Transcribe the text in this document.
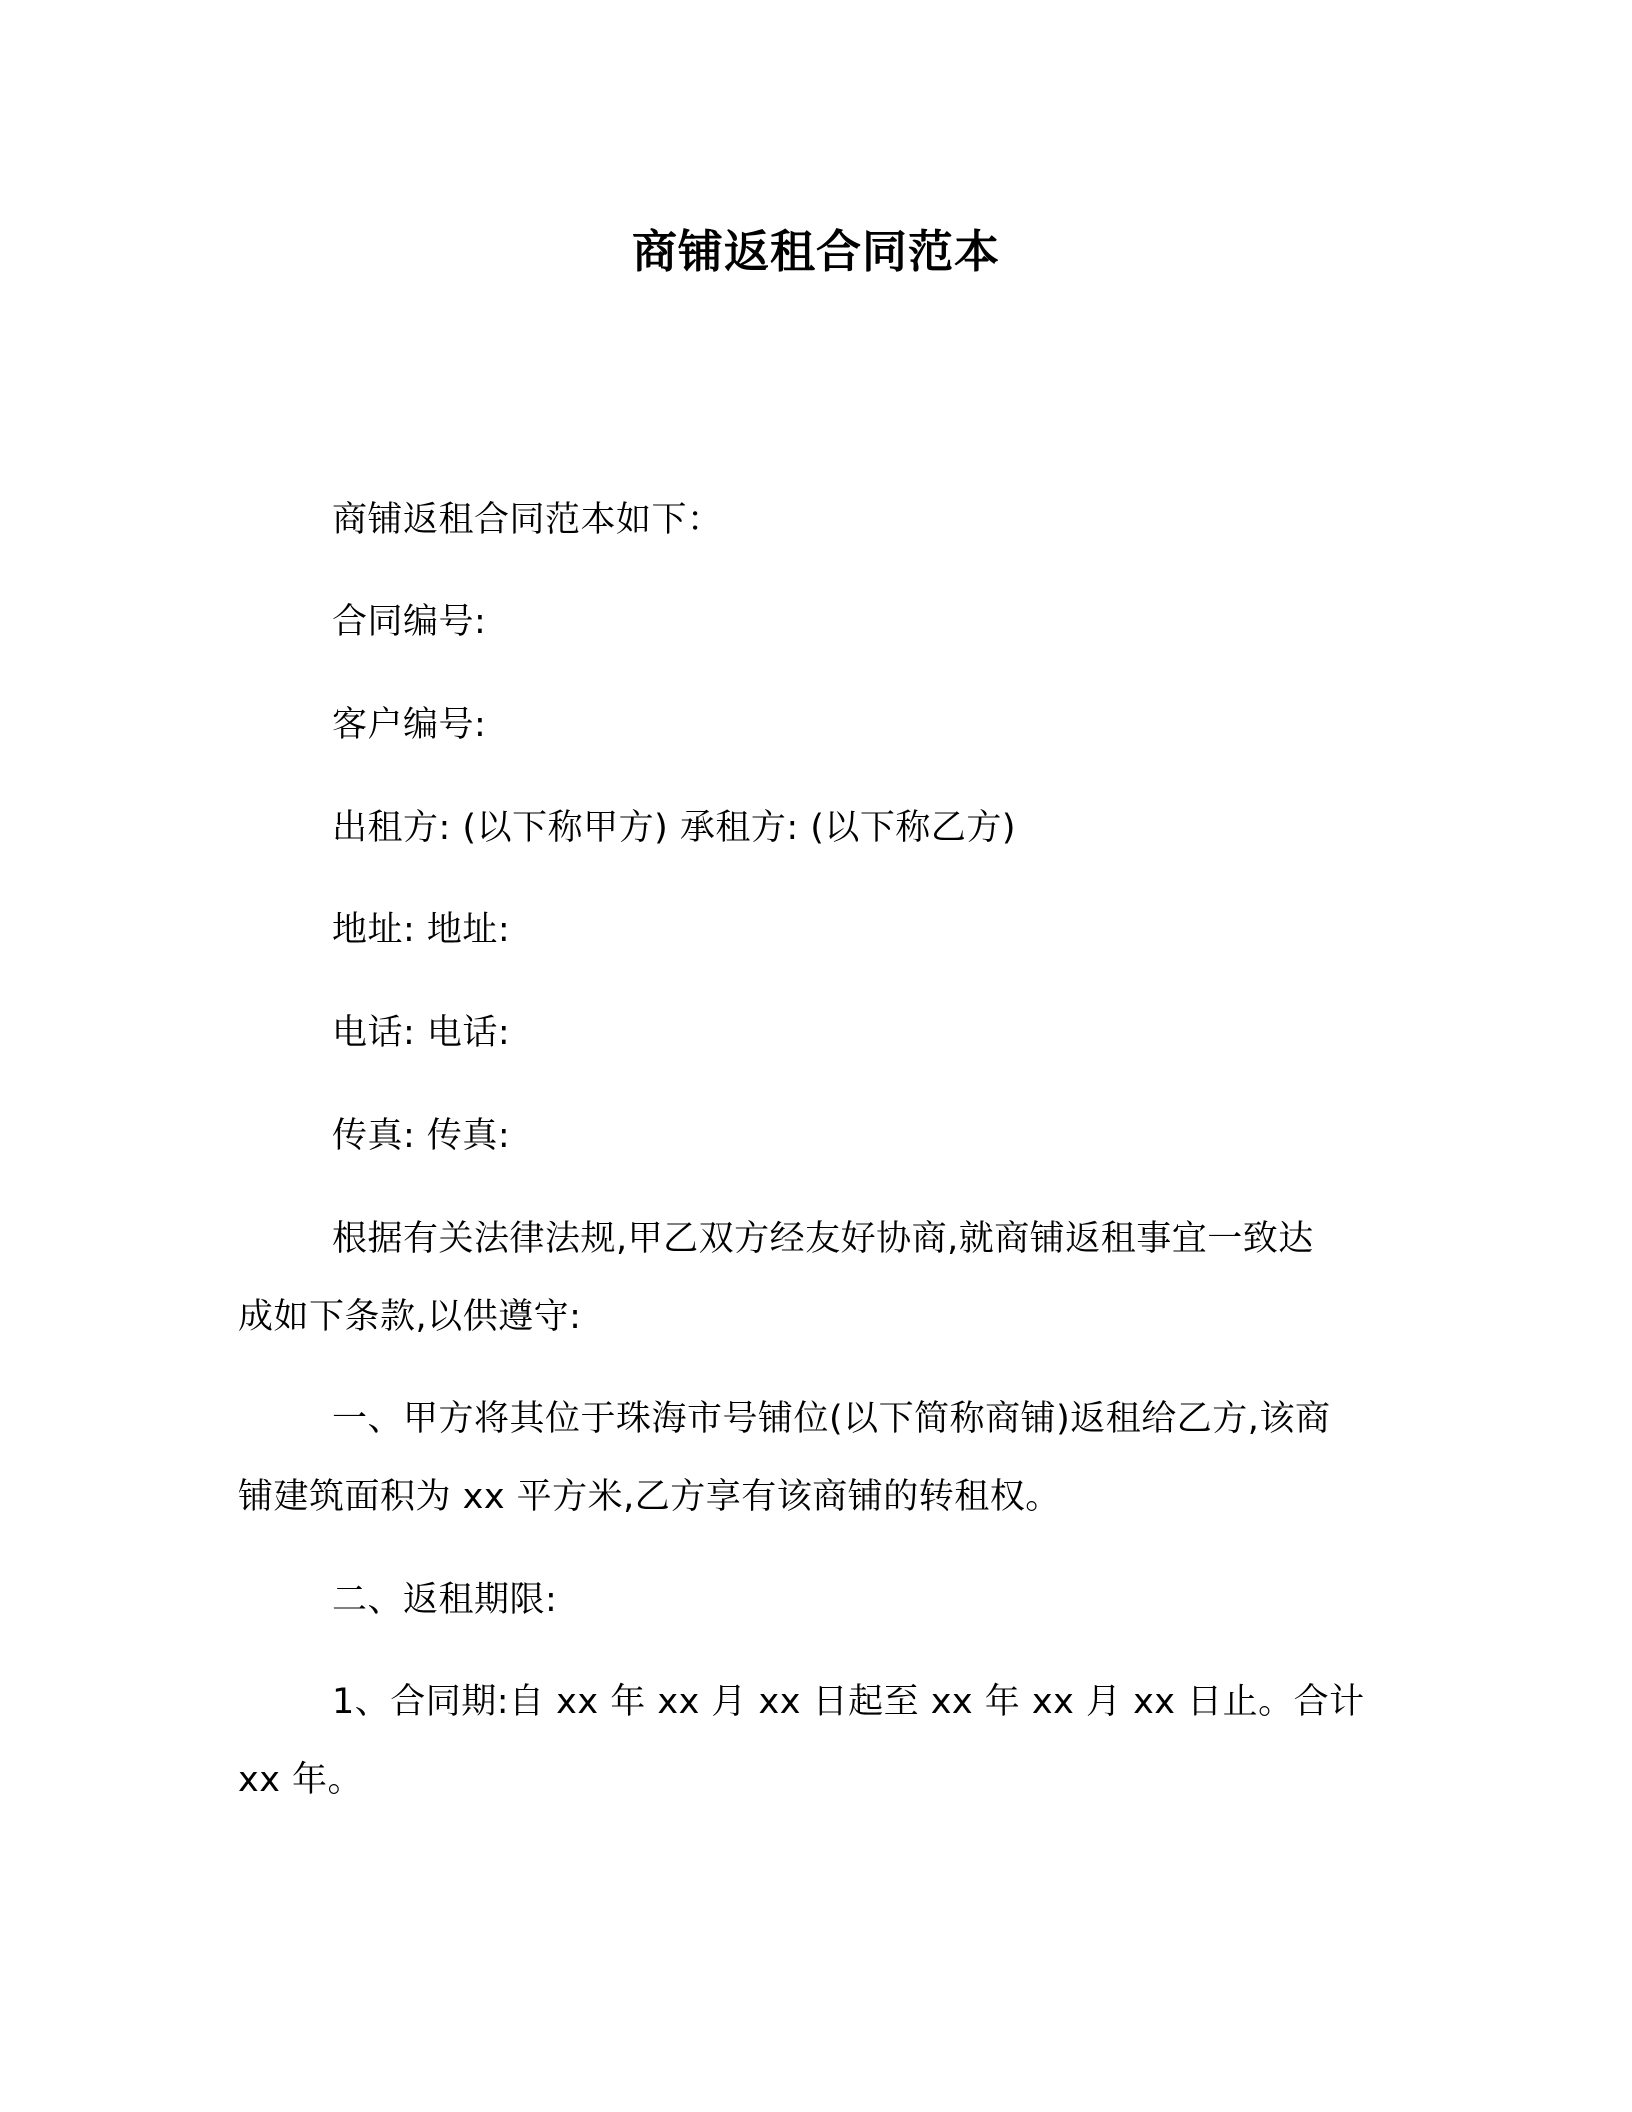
商铺返租合同范本
商铺返租合同范本如下：
合同编号:
客户编号:
出租方: (以下称甲方) 承租方: (以下称乙方)
地址: 地址:
电话: 电话:
传真: 传真:
根据有关法律法规,甲乙双方经友好协商,就商铺返租事宜一致达
成如下条款,以供遵守:
一、甲方将其位于珠海市号铺位(以下简称商铺)返租给乙方,该商
铺建筑面积为 xx 平方米,乙方享有该商铺的转租权。
二、返租期限:
1、合同期:自 xx 年 xx 月 xx 日起至 xx 年 xx 月 xx 日止。合计
xx 年。
